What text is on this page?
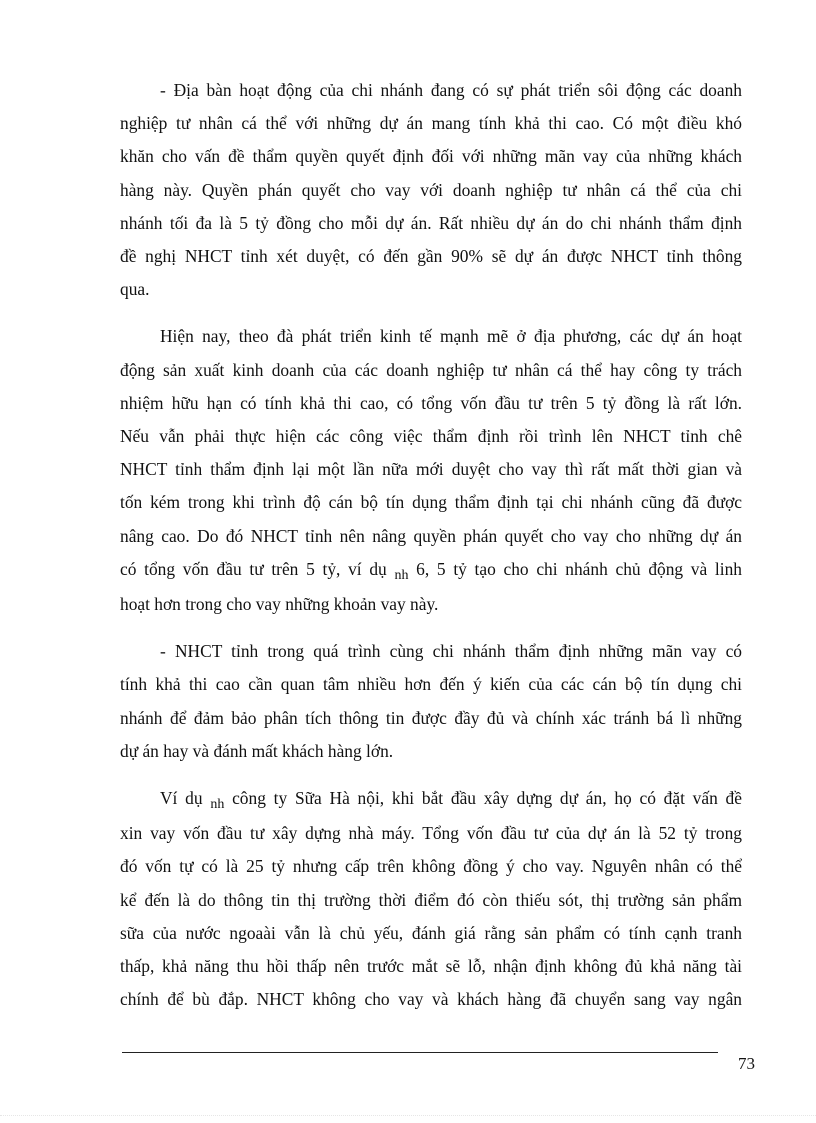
- Địa bàn hoạt động của chi nhánh đang có sự phát triển sôi động các doanh
nghiệp tư nhân cá thể với những dự án mang tính khả thi cao. Có một điều khó
khăn cho vấn đề thẩm quyền quyết định đối với những mãn vay của những khách
hàng này. Quyền phán quyết cho vay với doanh nghiệp tư nhân cá thể của chi
nhánh tối đa là 5 tỷ đồng cho mỗi dự án. Rất nhiều dự án do chi nhánh thẩm định
đề nghị NHCT tỉnh xét duyệt, có đến gần 90% sẽ dự án được NHCT tỉnh thông
qua.

Hiện nay, theo đà phát triển kinh tế mạnh mẽ ở địa phương, các dự án hoạt
động sản xuất kinh doanh của các doanh nghiệp tư nhân cá thể hay công ty trách
nhiệm hữu hạn có tính khả thi cao, có tổng vốn đầu tư trên 5 tỷ đồng là rất lớn.
Nếu vẫn phải thực hiện các công việc thẩm định rồi trình lên NHCT tỉnh chê
NHCT tỉnh thẩm định lại một lần nữa mới duyệt cho vay thì rất mất thời gian và
tốn kém trong khi trình độ cán bộ tín dụng thẩm định tại chi nhánh cũng đã được
nâng cao. Do đó NHCT tỉnh nên nâng quyền phán quyết cho vay cho những dự án
có tổng vốn đầu tư trên 5 tỷ, ví dụ $_{nh}$ 6, 5 tỷ tạo cho chi nhánh chủ động và linh
hoạt hơn trong cho vay những khoản vay này.

- NHCT tỉnh trong quá trình cùng chi nhánh thẩm định những mãn vay có
tính khả thi cao cần quan tâm nhiều hơn đến ý kiến của các cán bộ tín dụng chi
nhánh để đảm bảo phân tích thông tin được đầy đủ và chính xác tránh bá lì những
dự án hay và đánh mất khách hàng lớn.

Ví dụ $_{nh}$ công ty Sữa Hà nội, khi bắt đầu xây dựng dự án, họ có đặt vấn đề
xin vay vốn đầu tư xây dựng nhà máy. Tổng vốn đầu tư của dự án là 52 tỷ trong
đó vốn tự có là 25 tỷ nhưng cấp trên không đồng ý cho vay. Nguyên nhân có thể
kể đến là do thông tin thị trường thời điểm đó còn thiếu sót, thị trường sản phẩm
sữa của nước ngoaài vẫn là chủ yếu, đánh giá rằng sản phẩm có tính cạnh tranh
thấp, khả năng thu hồi thấp nên trước mắt sẽ lỗ, nhận định không đủ khả năng tài
chính để bù đắp. NHCT không cho vay và khách hàng đã chuyển sang vay ngân

73
